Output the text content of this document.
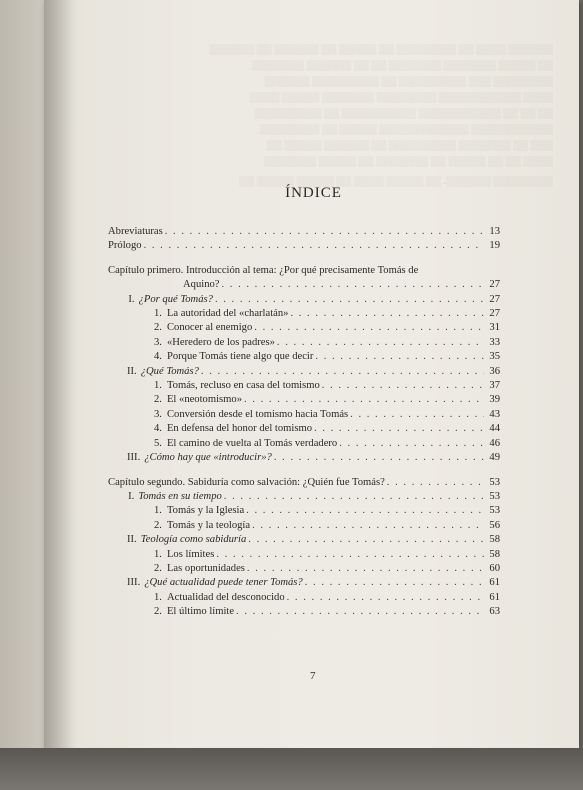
▒▒▒▒▒▒ ▒▒▒▒ ▒▒ ▒▒▒▒▒▒▒▒ ▒▒ ▒▒▒▒▒ ▒▒ ▒▒▒▒▒▒ ▒▒ ▒▒▒▒▒▒
▒▒ ▒▒▒▒▒ ▒▒▒▒▒▒▒ ▒▒▒▒▒▒▒ ▒▒ ▒▒ ▒▒▒▒▒▒ ▒▒▒▒▒▒▒
▒▒▒▒▒▒▒▒ ▒▒▒ ▒▒▒▒▒▒▒▒▒ ▒▒ ▒▒▒▒▒▒▒▒▒ ▒▒▒▒▒▒
▒▒▒▒ ▒▒▒▒▒▒▒▒▒▒▒ ▒▒▒▒▒▒▒▒ ▒▒▒▒▒▒▒ ▒▒▒▒▒ ▒▒▒▒
▒▒ ▒▒ ▒▒ ▒▒▒▒▒▒▒▒▒▒▒ ▒▒▒▒▒▒▒▒▒▒ ▒▒ ▒▒▒▒▒▒▒▒▒
▒▒▒▒▒▒▒▒▒▒▒ ▒▒▒▒▒▒▒▒▒▒▒▒ ▒▒▒▒▒ ▒▒ ▒▒▒▒▒▒▒▒
▒▒▒ ▒▒ ▒▒▒▒▒▒▒ ▒▒▒▒▒▒▒▒▒ ▒▒ ▒▒▒▒▒▒ ▒▒▒▒▒ ▒▒
▒▒▒▒ ▒▒ ▒▒ ▒▒▒▒▒ ▒▒ ▒▒▒▒▒▒▒ ▒▒ ▒▒▒▒▒ ▒▒▒▒▒▒▒
▒▒▒▒▒▒▒▒ ▒▒▒▒▒▒. ▒▒ ▒▒▒▒▒ ▒▒▒▒ ▒▒ ▒▒▒▒▒ ▒▒▒▒▒ ▒▒
ÍNDICE
Abreviaturas . . .	13
Prólogo . . .	19
Capítulo primero. Introducción al tema: ¿Por qué precisamente Tomás de
Aquino? . . .	27
I. ¿Por qué Tomás? . . .	27
1. La autoridad del «charlatán» . . .	27
2. Conocer al enemigo . . .	31
3. «Heredero de los padres» . . .	33
4. Porque Tomás tiene algo que decir . . .	35
II. ¿Qué Tomás? . . .	36
1. Tomás, recluso en casa del tomismo . . .	37
2. El «neotomismo» . . .	39
3. Conversión desde el tomismo hacia Tomás . . .	43
4. En defensa del honor del tomismo . . .	44
5. El camino de vuelta al Tomás verdadero . . .	46
III. ¿Cómo hay que «introducir»? . . .	49
Capítulo segundo. Sabiduría como salvación: ¿Quién fue Tomás? . . .	53
I. Tomás en su tiempo . . .	53
1. Tomás y la Iglesia . . .	53
2. Tomás y la teología . . .	56
II. Teología como sabiduría . . .	58
1. Los límites . . .	58
2. Las oportunidades . . .	60
III. ¿Qué actualidad puede tener Tomás? . . .	61
1. Actualidad del desconocido . . .	61
2. El último límite . . .	63
7
